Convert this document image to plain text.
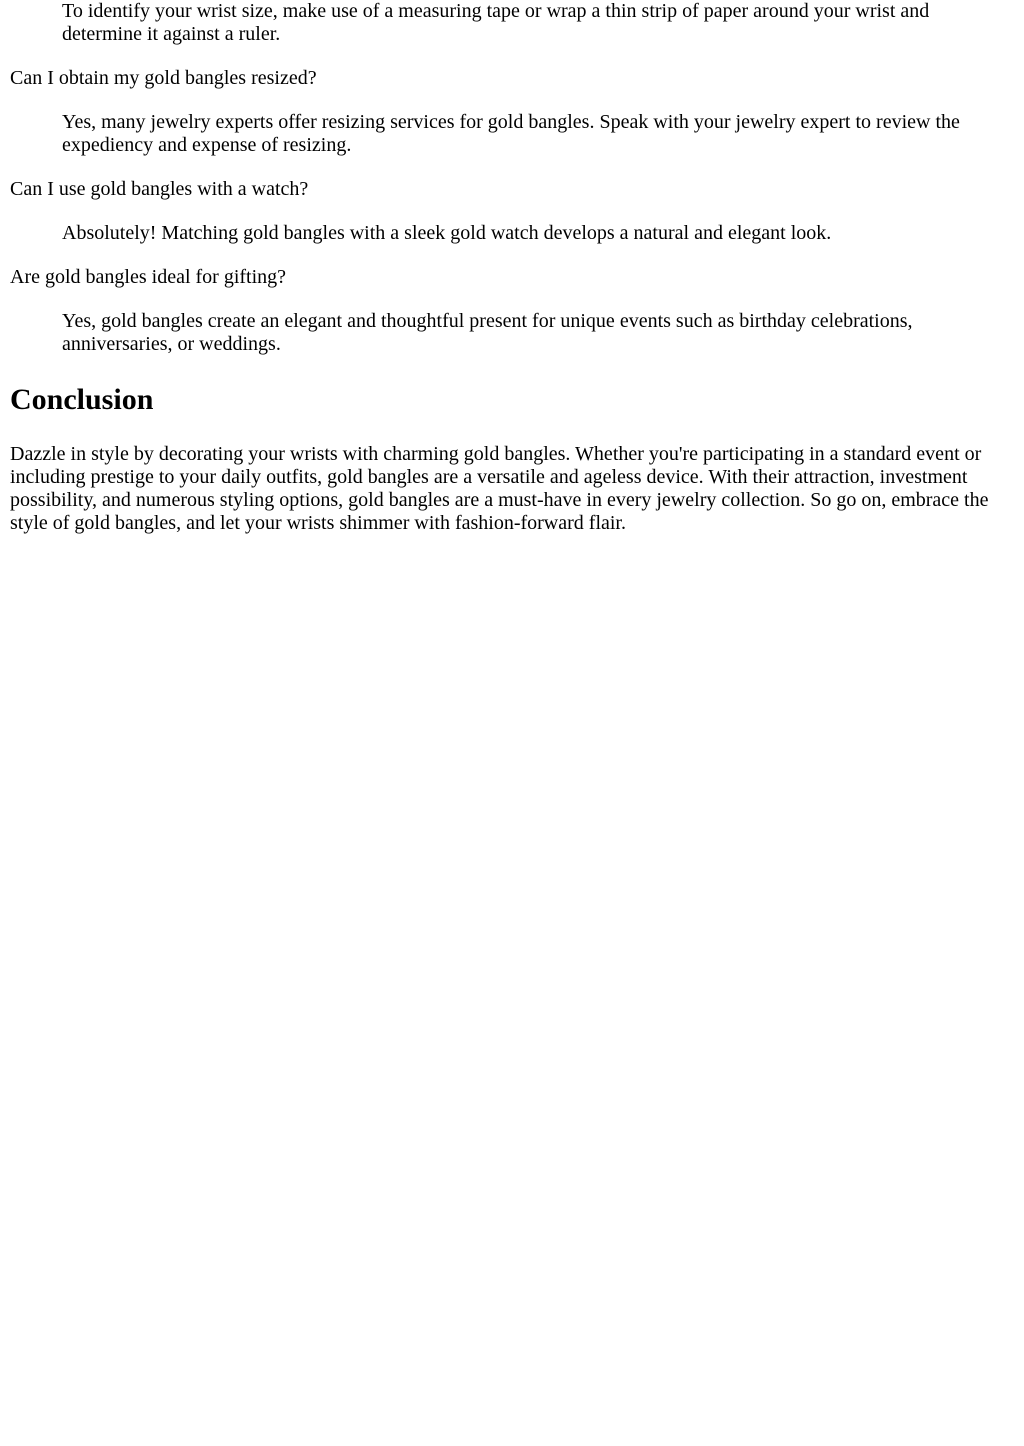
To identify your wrist size, make use of a measuring tape or wrap a thin strip of paper around your wrist and determine it against a ruler.

Can I obtain my gold bangles resized?

Yes, many jewelry experts offer resizing services for gold bangles. Speak with your jewelry expert to review the expediency and expense of resizing.

Can I use gold bangles with a watch?

Absolutely! Matching gold bangles with a sleek gold watch develops a natural and elegant look.

Are gold bangles ideal for gifting?

Yes, gold bangles create an elegant and thoughtful present for unique events such as birthday celebrations, anniversaries, or weddings.

Conclusion

Dazzle in style by decorating your wrists with charming gold bangles. Whether you're participating in a standard event or including prestige to your daily outfits, gold bangles are a versatile and ageless device. With their attraction, investment possibility, and numerous styling options, gold bangles are a must-have in every jewelry collection. So go on, embrace the style of gold bangles, and let your wrists shimmer with fashion-forward flair.
